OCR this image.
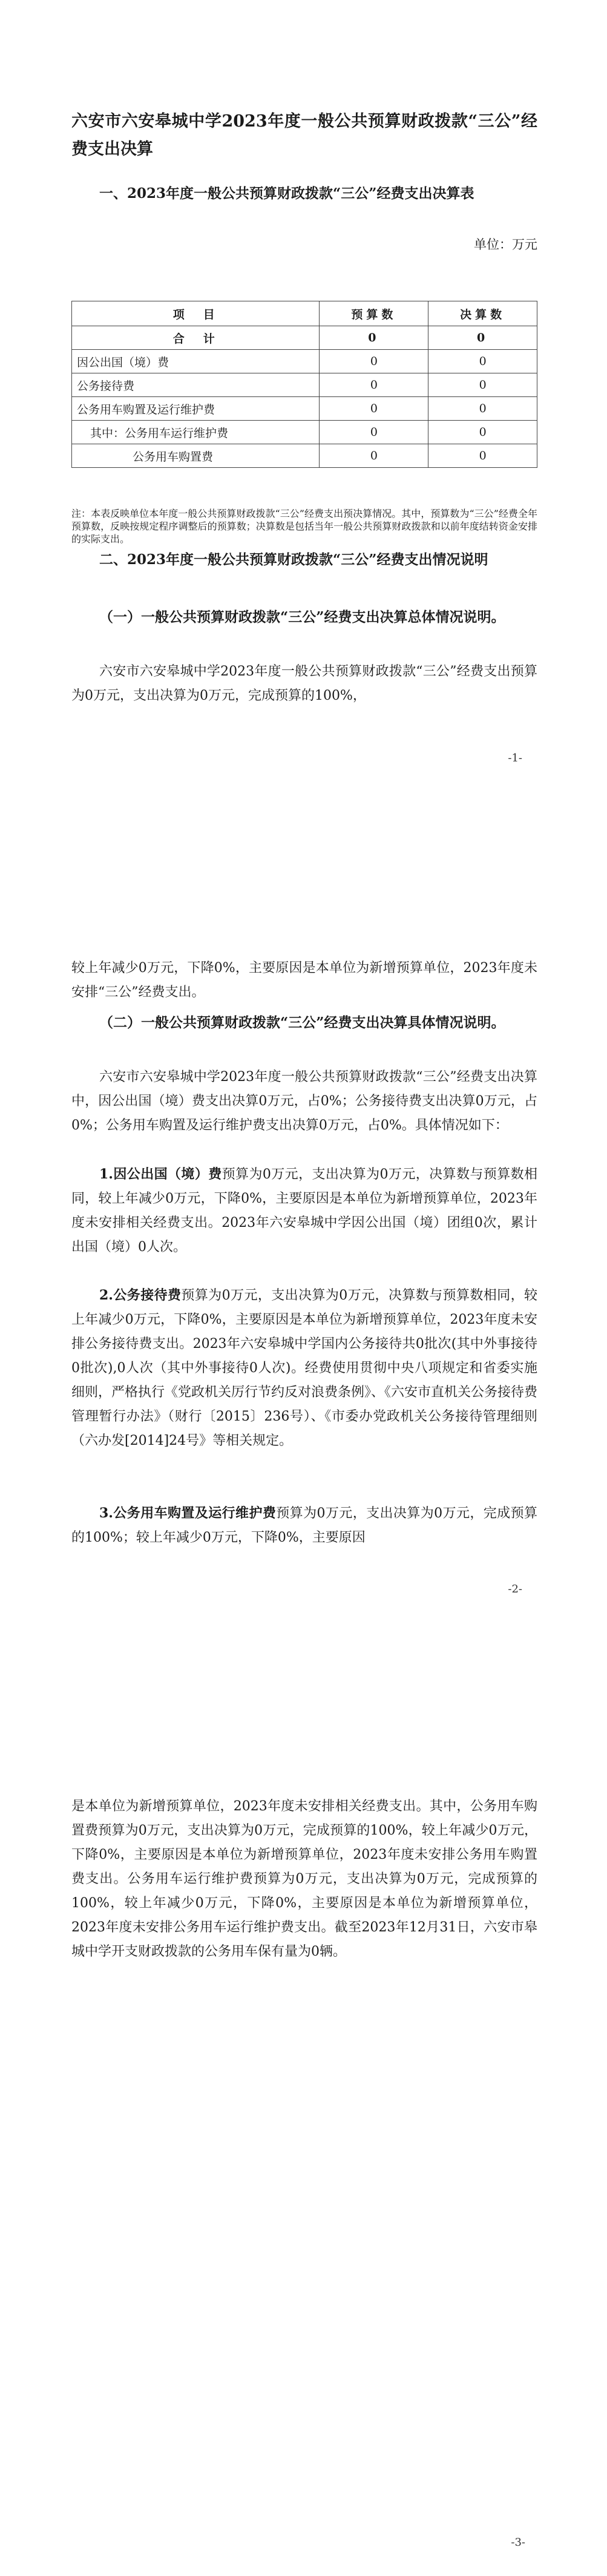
六安市六安皋城中学2023年度一般公共预算财政拨款“三公”经费支出决算
一、2023年度一般公共预算财政拨款“三公”经费支出决算表
单位：万元
项　目	预算数	决算数
合　计	0	0
因公出国（境）费	0	0
公务接待费	0	0
公务用车购置及运行维护费	0	0
其中：公务用车运行维护费	0	0
公务用车购置费	0	0
注：本表反映单位本年度一般公共预算财政拨款“三公”经费支出预决算情况。其中，预算数为“三公”经费全年预算数，反映按规定程序调整后的预算数；决算数是包括当年一般公共预算财政拨款和以前年度结转资金安排的实际支出。
二、2023年度一般公共预算财政拨款“三公”经费支出情况说明
（一）一般公共预算财政拨款“三公”经费支出决算总体情况说明。
六安市六安皋城中学2023年度一般公共预算财政拨款“三公”经费支出预算为0万元，支出决算为0万元，完成预算的100%，
-1-
较上年减少0万元，下降0%，主要原因是本单位为新增预算单位，2023年度未安排“三公”经费支出。
（二）一般公共预算财政拨款“三公”经费支出决算具体情况说明。
六安市六安皋城中学2023年度一般公共预算财政拨款“三公”经费支出决算中，因公出国（境）费支出决算0万元，占0%；公务接待费支出决算0万元，占0%；公务用车购置及运行维护费支出决算0万元，占0%。具体情况如下：
1.因公出国（境）费预算为0万元，支出决算为0万元，决算数与预算数相同，较上年减少0万元，下降0%，主要原因是本单位为新增预算单位，2023年度未安排相关经费支出。2023年六安皋城中学因公出国（境）团组0次，累计出国（境）0人次。
2.公务接待费预算为0万元，支出决算为0万元，决算数与预算数相同，较上年减少0万元，下降0%，主要原因是本单位为新增预算单位，2023年度未安排公务接待费支出。2023年六安皋城中学国内公务接待共0批次(其中外事接待0批次),0人次（其中外事接待0人次)。经费使用贯彻中央八项规定和省委实施细则，严格执行《党政机关厉行节约反对浪费条例》、《六安市直机关公务接待费管理暂行办法》（财行〔2015〕236号）、《市委办党政机关公务接待管理细则（六办发[2014]24号》等相关规定。
3.公务用车购置及运行维护费预算为0万元，支出决算为0万元，完成预算的100%；较上年减少0万元，下降0%，主要原因
-2-
是本单位为新增预算单位，2023年度未安排相关经费支出。其中，公务用车购置费预算为0万元，支出决算为0万元，完成预算的100%，较上年减少0万元，下降0%，主要原因是本单位为新增预算单位，2023年度未安排公务用车购置费支出。公务用车运行维护费预算为0万元，支出决算为0万元，完成预算的100%，较上年减少0万元，下降0%，主要原因是本单位为新增预算单位，2023年度未安排公务用车运行维护费支出。截至2023年12月31日，六安市皋城中学开支财政拨款的公务用车保有量为0辆。
-3-
